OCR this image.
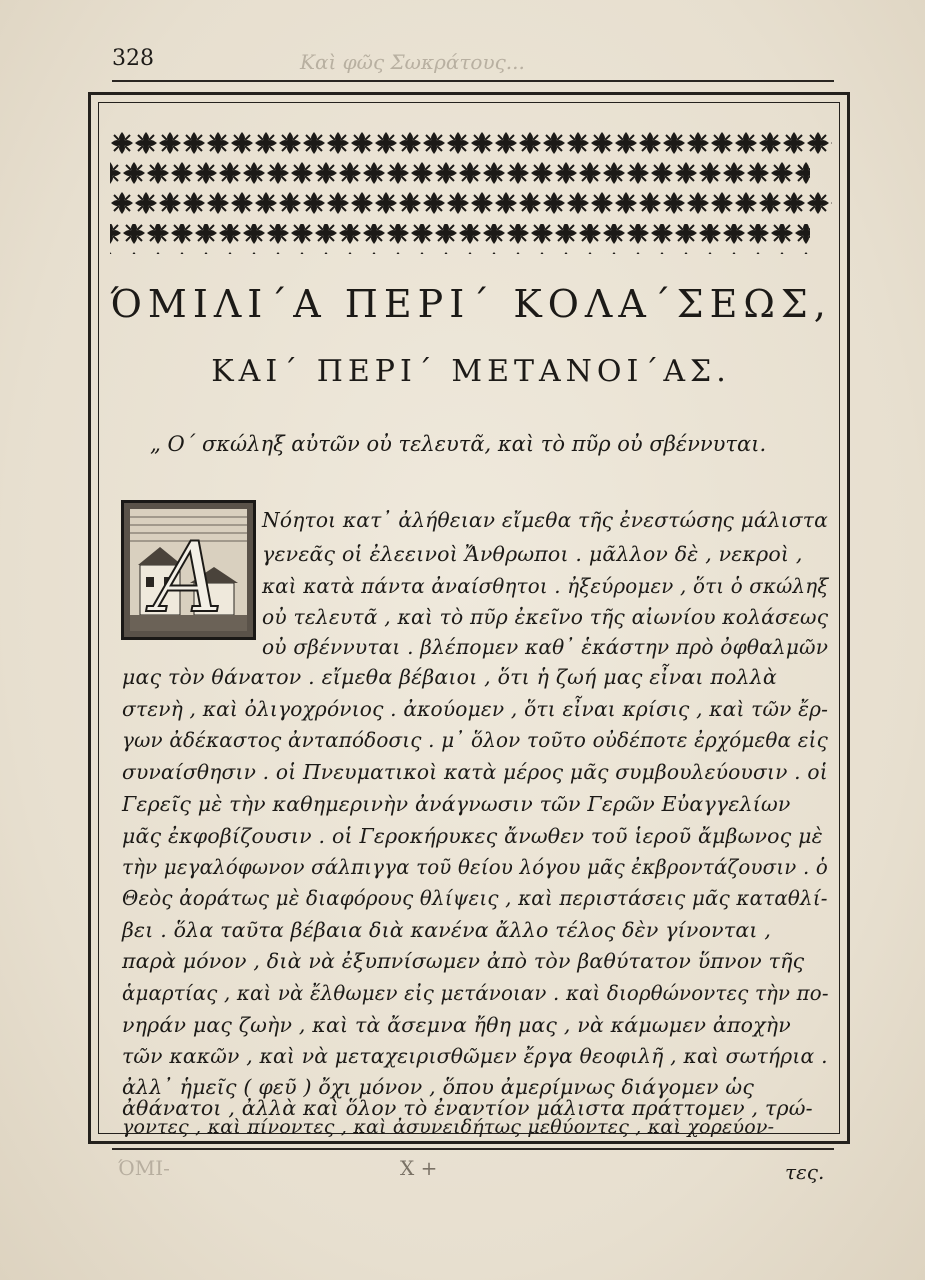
328	Καὶ φῶς Σωκράτους...
ΌΜΙΛΙ΄Α ΠΕΡΙ΄ ΚΟΛΑ΄ΣΕΩΣ,
ΚΑΙ΄ ΠΕΡΙ΄ ΜΕΤΑΝΟΙ΄ΑΣ.
„ Ο΄ σκώληξ αὐτῶν οὐ τελευτᾶ, καὶ τὸ πῦρ οὐ σβέννυται.
A
Νόητοι κατ᾿ ἀλήθειαν εἴμεθα τῆς ἐνεστώσης μάλιστα
γενεᾶς οἱ ἐλεεινοὶ Ἄνθρωποι . μᾶλλον δὲ , νεκροὶ ,
καὶ κατὰ πάντα ἀναίσθητοι . ἠξεύρομεν , ὅτι ὁ σκώληξ
οὐ τελευτᾶ , καὶ τὸ πῦρ ἐκεῖνο τῆς αἰωνίου κολάσεως
οὐ σβέννυται . βλέπομεν καθ᾿ ἑκάστην πρὸ ὀφθαλμῶν
μας τὸν θάνατον . εἴμεθα βέβαιοι , ὅτι ἡ ζωή μας εἶναι πολλὰ
στενὴ , καὶ ὀλιγοχρόνιος . ἀκούομεν , ὅτι εἶναι κρίσις , καὶ τῶν ἔρ-
γων ἀδέκαστος ἀνταπόδοσις . μ᾿ ὅλον τοῦτο οὐδέποτε ἐρχόμεθα εἰς
συναίσθησιν . οἱ Πνευματικοὶ κατὰ μέρος μᾶς συμβουλεύουσιν . οἱ
Γερεῖς μὲ τὴν καθημερινὴν ἀνάγνωσιν τῶν Γερῶν Εὐαγγελίων
μᾶς ἐκφοβίζουσιν . οἱ Γεροκήρυκες ἄνωθεν τοῦ ἱεροῦ ἄμβωνος μὲ
τὴν μεγαλόφωνον σάλπιγγα τοῦ θείου λόγου μᾶς ἐκβροντάζουσιν . ὁ
Θεὸς ἀοράτως μὲ διαφόρους θλίψεις , καὶ περιστάσεις μᾶς καταθλί-
βει . ὅλα ταῦτα βέβαια διὰ κανένα ἄλλο τέλος δὲν γίνονται ,
παρὰ μόνον , διὰ νὰ ἐξυπνίσωμεν ἀπὸ τὸν βαθύτατον ὕπνον τῆς
ἁμαρτίας , καὶ νὰ ἔλθωμεν εἰς μετάνοιαν . καὶ διορθώνοντες τὴν πο-
νηράν μας ζωὴν , καὶ τὰ ἄσεμνα ἤθη μας , νὰ κάμωμεν ἀποχὴν
τῶν κακῶν , καὶ νὰ μεταχειρισθῶμεν ἔργα θεοφιλῆ , καὶ σωτήρια .
ἀλλ᾿ ἡμεῖς ( φεῦ ) ὄχι μόνον , ὅπου ἀμερίμνως διάγομεν ὡς
ἀθάνατοι , ἀλλὰ καὶ ὅλον τὸ ἐναντίον μάλιστα πράττομεν , τρώ-
γοντες , καὶ πίνοντες , καὶ ἀσυνειδήτως μεθύοντες , καὶ χορεύον-
ΌΜΙ-	X +	τες.
